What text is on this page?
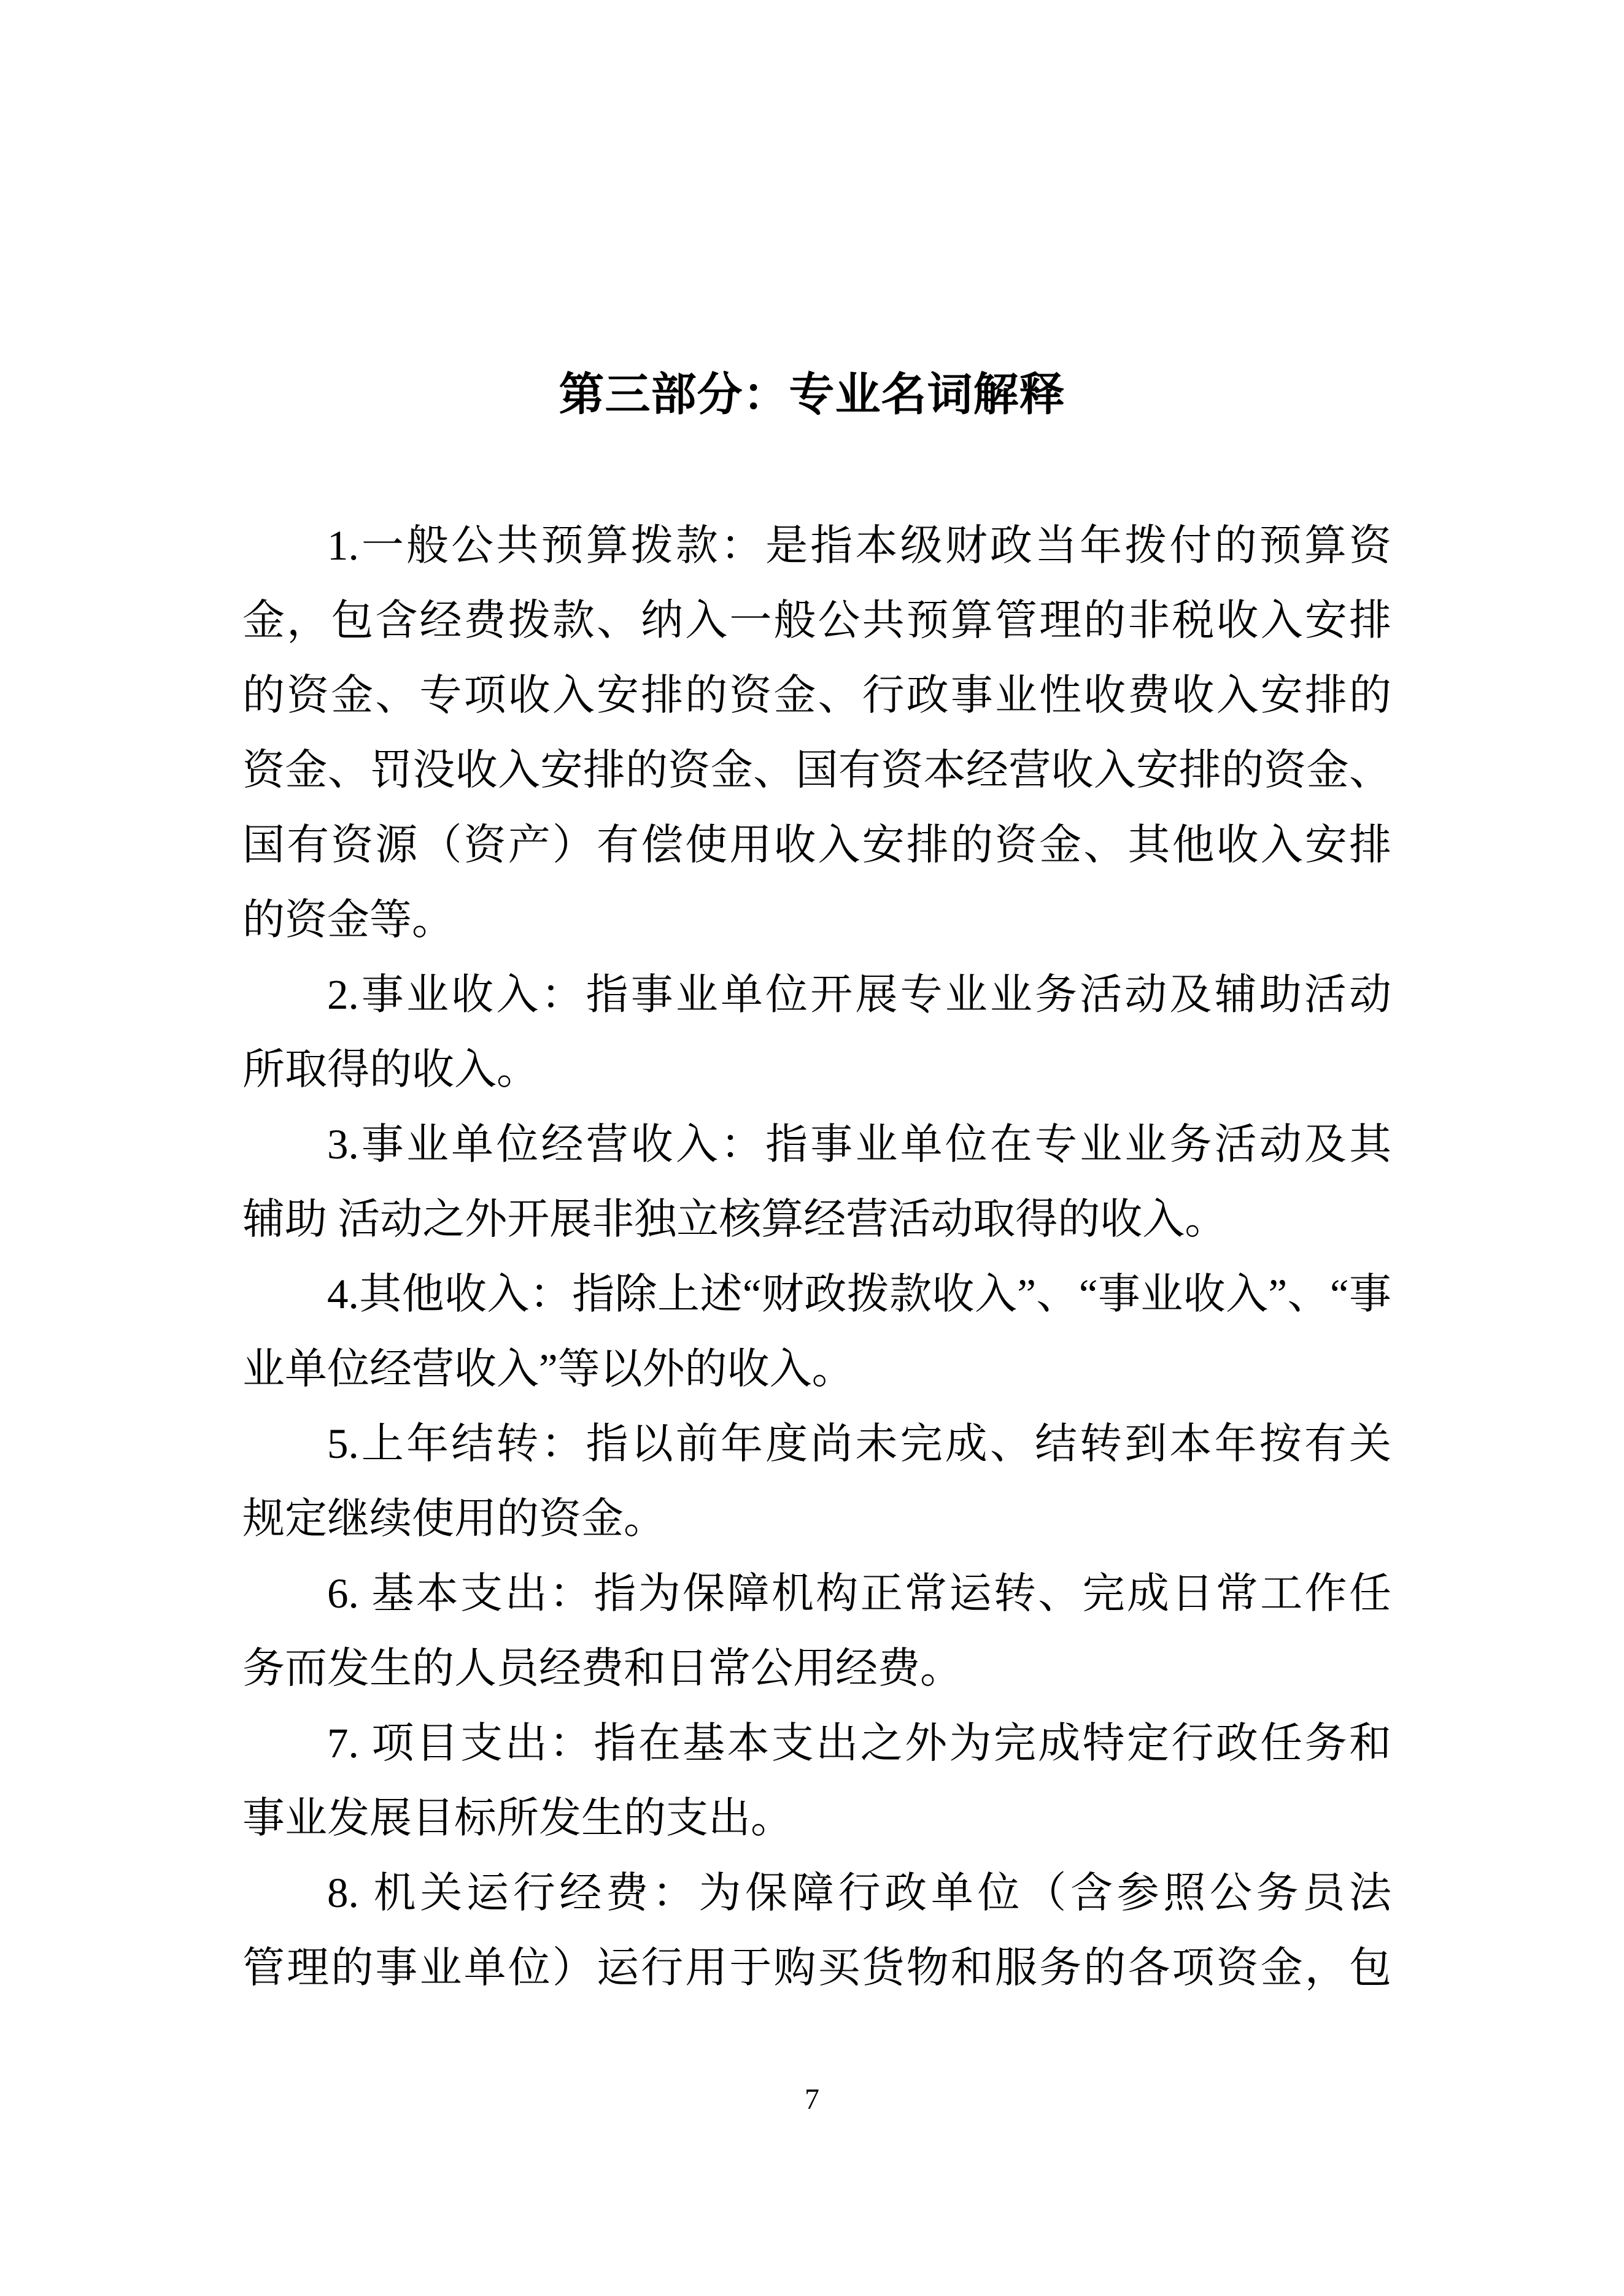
第三部分：专业名词解释
1.一般公共预算拨款：是指本级财政当年拨付的预算资
金，包含经费拨款、纳入一般公共预算管理的非税收入安排
的资金、专项收入安排的资金、行政事业性收费收入安排的
资金、罚没收入安排的资金、国有资本经营收入安排的资金、
国有资源（资产）有偿使用收入安排的资金、其他收入安排
的资金等。
2.事业收入：指事业单位开展专业业务活动及辅助活动
所取得的收入。
3.事业单位经营收入：指事业单位在专业业务活动及其
辅助 活动之外开展非独立核算经营活动取得的收入。
4.其他收入：指除上述“财政拨款收入”、“事业收入”、“事
业单位经营收入”等以外的收入。
5.上年结转：指以前年度尚未完成、结转到本年按有关
规定继续使用的资金。
6. 基本支出：指为保障机构正常运转、完成日常工作任
务而发生的人员经费和日常公用经费。
7. 项目支出：指在基本支出之外为完成特定行政任务和
事业发展目标所发生的支出。
8. 机关运行经费：为保障行政单位（含参照公务员法
管理的事业单位）运行用于购买货物和服务的各项资金，包
7
